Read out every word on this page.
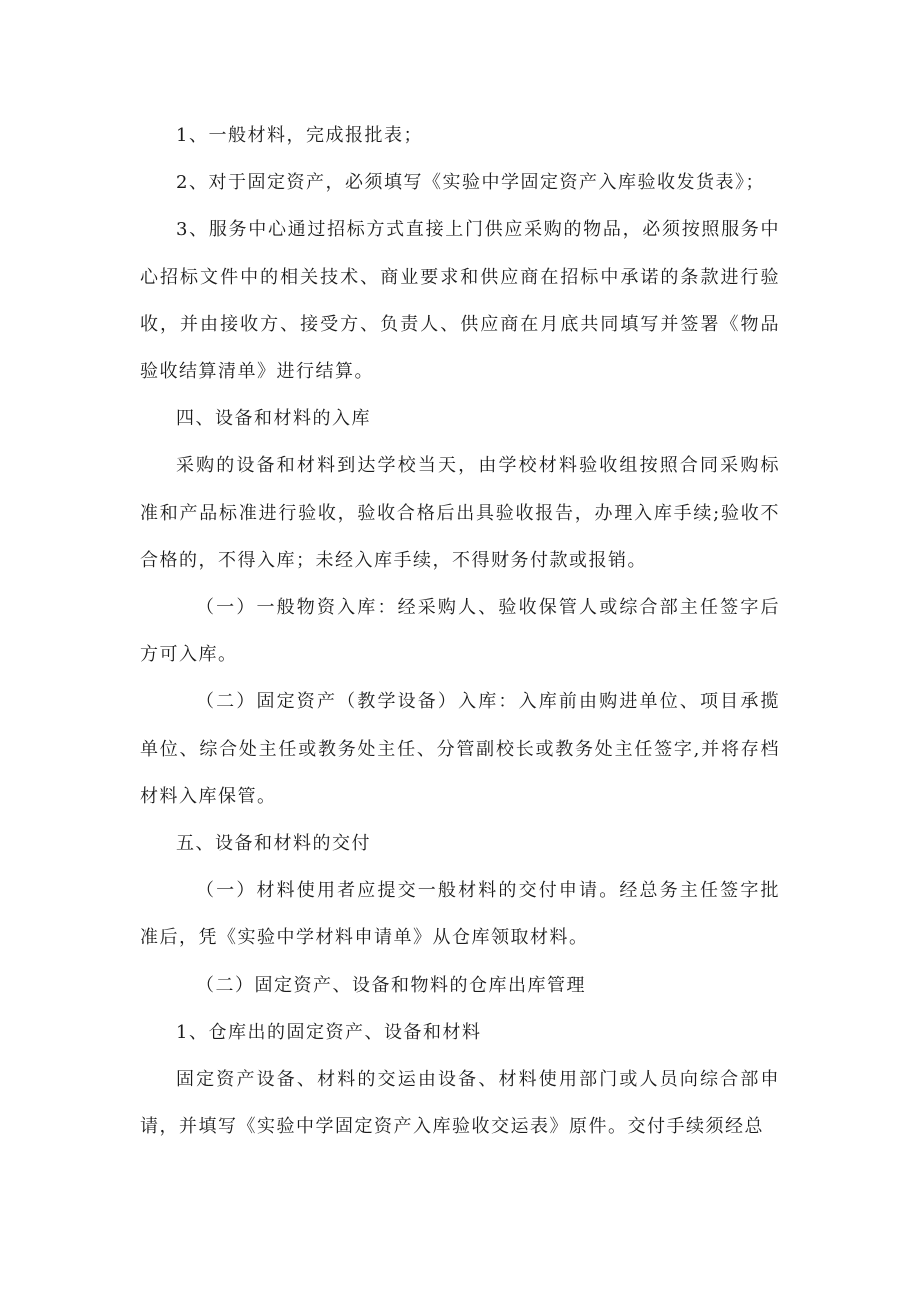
1、一般材料，完成报批表；

2、对于固定资产，必须填写《实验中学固定资产入库验收发货表》；

3、服务中心通过招标方式直接上门供应采购的物品，必须按照服务中心招标文件中的相关技术、商业要求和供应商在招标中承诺的条款进行验收，并由接收方、接受方、负责人、供应商在月底共同填写并签署《物品验收结算清单》进行结算。

四、设备和材料的入库

采购的设备和材料到达学校当天，由学校材料验收组按照合同采购标准和产品标准进行验收，验收合格后出具验收报告，办理入库手续;验收不合格的，不得入库；未经入库手续，不得财务付款或报销。

（一）一般物资入库：经采购人、验收保管人或综合部主任签字后方可入库。

（二）固定资产（教学设备）入库：入库前由购进单位、项目承揽单位、综合处主任或教务处主任、分管副校长或教务处主任签字,并将存档材料入库保管。

五、设备和材料的交付

（一）材料使用者应提交一般材料的交付申请。经总务主任签字批准后，凭《实验中学材料申请单》从仓库领取材料。

（二）固定资产、设备和物料的仓库出库管理

1、仓库出的固定资产、设备和材料

固定资产设备、材料的交运由设备、材料使用部门或人员向综合部申请，并填写《实验中学固定资产入库验收交运表》原件。交付手续须经总
